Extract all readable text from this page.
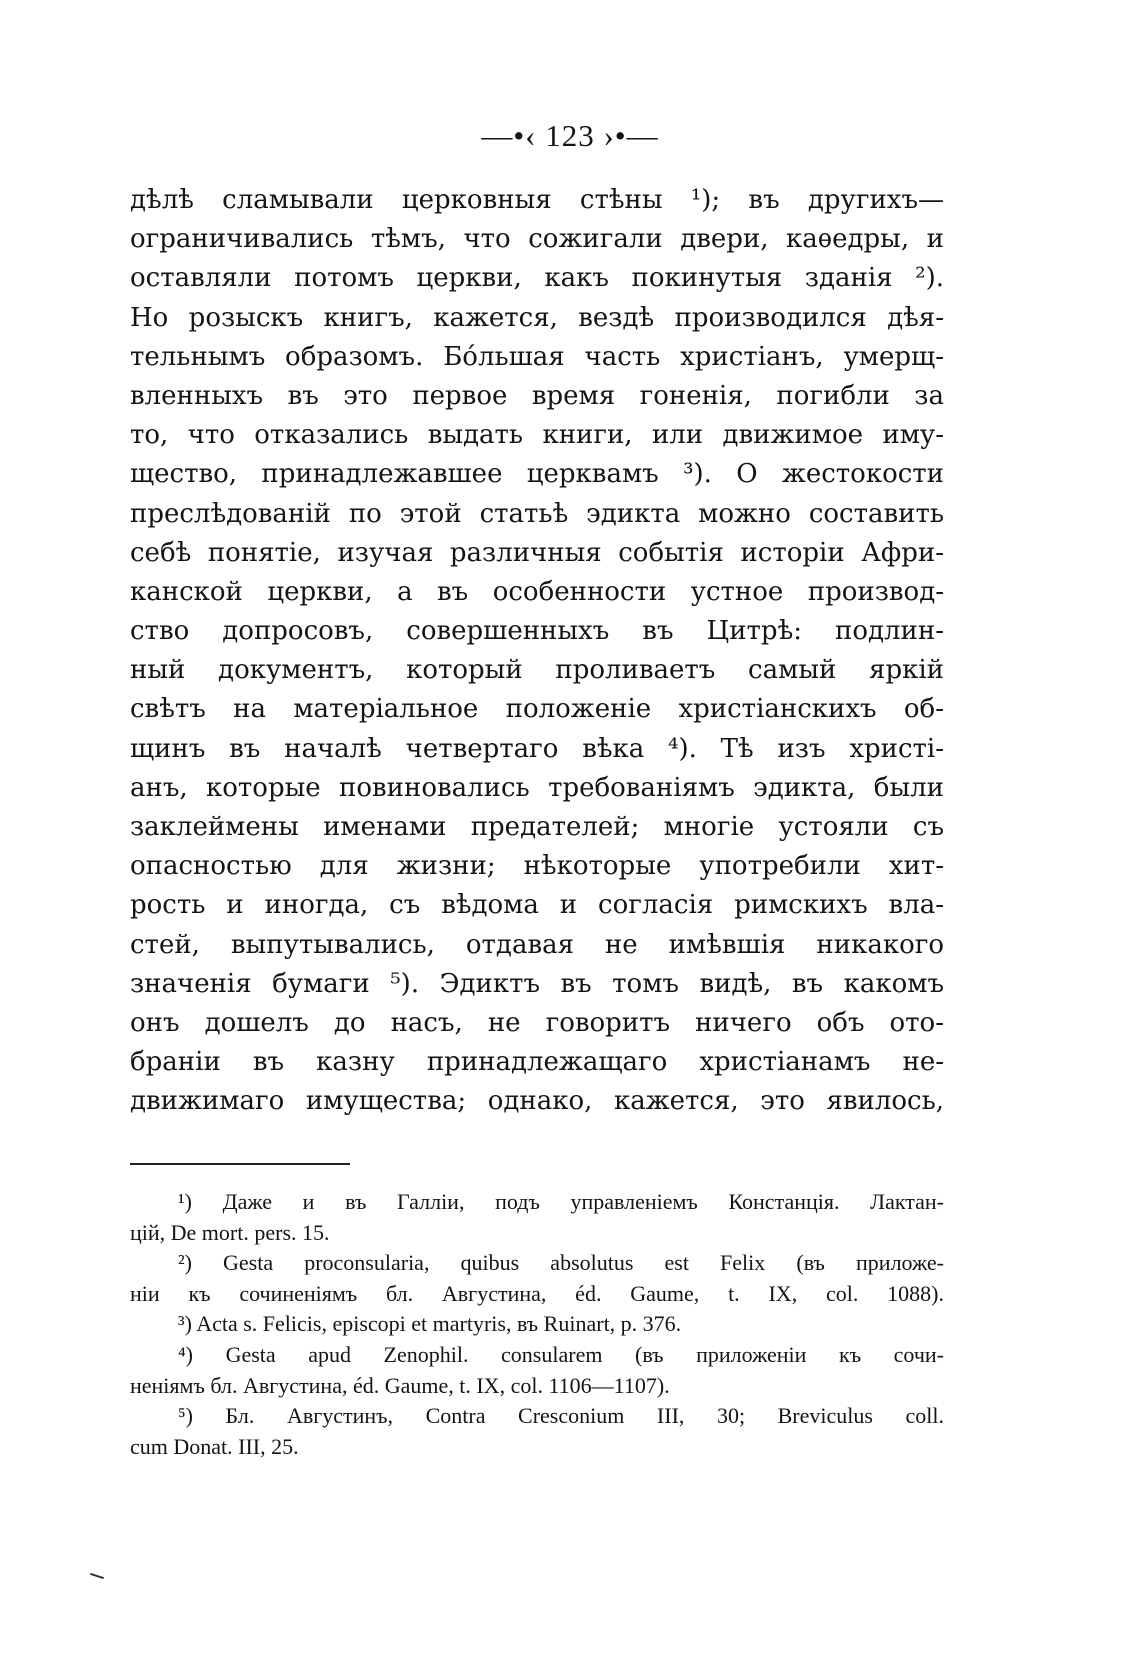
—•‹ 123 ›•—
дѣлѣ сламывали церковныя стѣны ¹); въ другихъ—
ограничивались тѣмъ, что сожигали двери, каѳедры, и
оставляли потомъ церкви, какъ покинутыя зданія ²).
Но розыскъ книгъ, кажется, вездѣ производился дѣя-
тельнымъ образомъ. Бóльшая часть христіанъ, умерщ-
вленныхъ въ это первое время гоненія, погибли за
то, что отказались выдать книги, или движимое иму-
щество, принадлежавшее церквамъ ³). О жестокости
преслѣдованій по этой статьѣ эдикта можно составить
себѣ понятіе, изучая различныя событія исторіи Афри-
канской церкви, а въ особенности устное производ-
ство допросовъ, совершенныхъ въ Цитрѣ: подлин-
ный документъ, который проливаетъ самый яркій
свѣтъ на матеріальное положеніе христіанскихъ об-
щинъ въ началѣ четвертаго вѣка ⁴). Тѣ изъ христі-
анъ, которые повиновались требованіямъ эдикта, были
заклеймены именами предателей; многіе устояли съ
опасностью для жизни; нѣкоторые употребили хит-
рость и иногда, съ вѣдома и согласія римскихъ вла-
стей, выпутывались, отдавая не имѣвшія никакого
значенія бумаги ⁵). Эдиктъ въ томъ видѣ, въ какомъ
онъ дошелъ до насъ, не говоритъ ничего объ ото-
браніи въ казну принадлежащаго христіанамъ не-
движимаго имущества; однако, кажется, это явилось,
¹) Даже и въ Галліи, подъ управленіемъ Констанція. Лактан-
цій, De mort. pers. 15.
²) Gesta proconsularia, quibus absolutus est Felix (въ приложе-
ніи къ сочиненіямъ бл. Августина, éd. Gaume, t. IX, col. 1088).
³) Acta s. Felicis, episcopi et martyris, въ Ruinart, p. 376.
⁴) Gesta apud Zenophil. consularem (въ приложеніи къ сочи-
неніямъ бл. Августина, éd. Gaume, t. IX, col. 1106—1107).
⁵) Бл. Августинъ, Contra Cresconium III, 30; Breviculus coll.
cum Donat. III, 25.
